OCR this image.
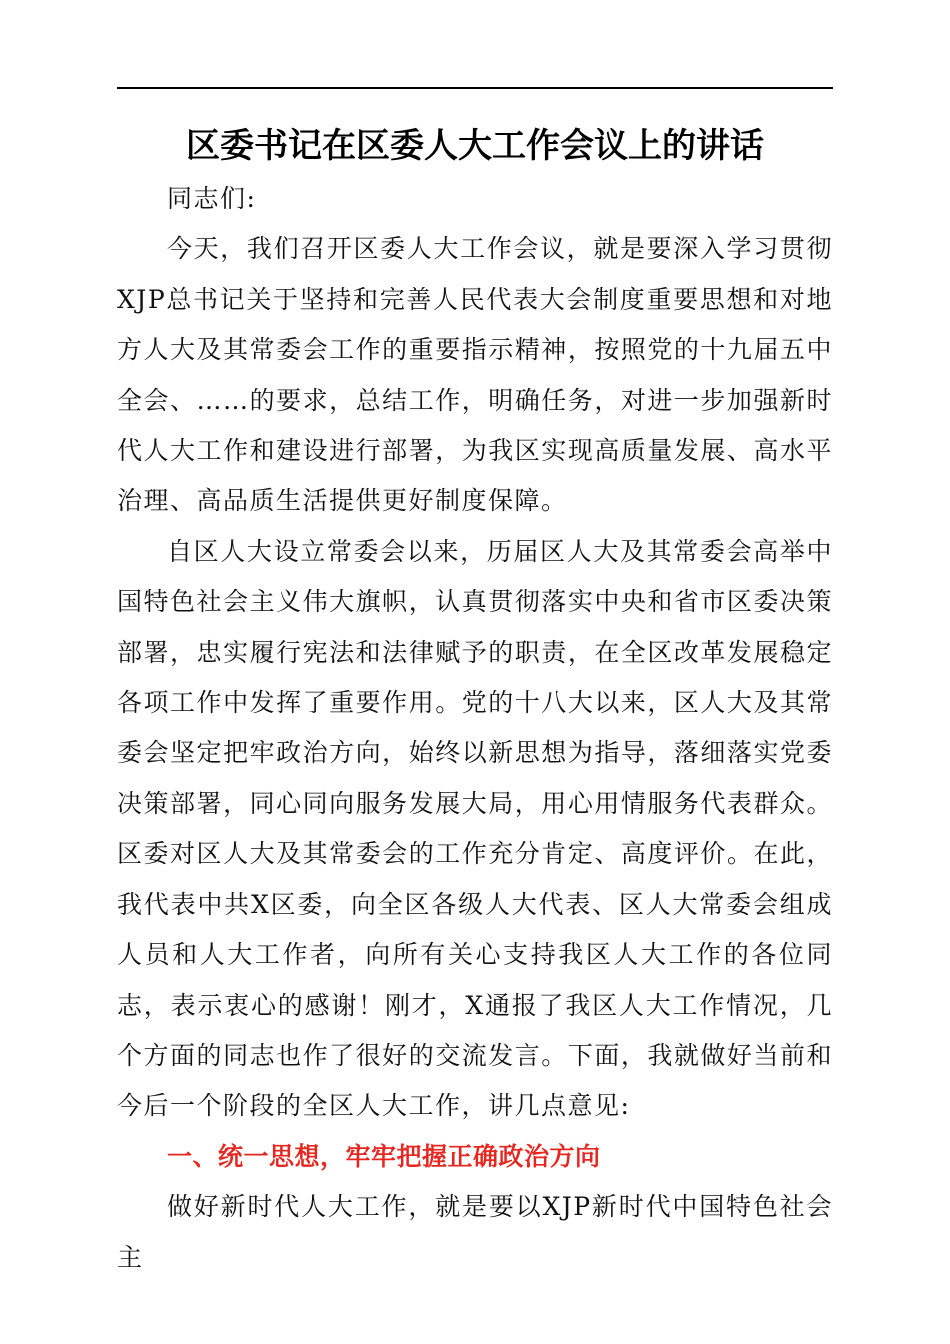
区委书记在区委人大工作会议上的讲话

同志们:

今天，我们召开区委人大工作会议，就是要深入学习贯彻XJP总书记关于坚持和完善人民代表大会制度重要思想和对地方人大及其常委会工作的重要指示精神，按照党的十九届五中全会、……的要求，总结工作，明确任务，对进一步加强新时代人大工作和建设进行部署，为我区实现高质量发展、高水平治理、高品质生活提供更好制度保障。

自区人大设立常委会以来，历届区人大及其常委会高举中国特色社会主义伟大旗帜，认真贯彻落实中央和省市区委决策部署，忠实履行宪法和法律赋予的职责，在全区改革发展稳定各项工作中发挥了重要作用。党的十八大以来，区人大及其常委会坚定把牢政治方向，始终以新思想为指导，落细落实党委决策部署，同心同向服务发展大局，用心用情服务代表群众。区委对区人大及其常委会的工作充分肯定、高度评价。在此，我代表中共X区委，向全区各级人大代表、区人大常委会组成人员和人大工作者，向所有关心支持我区人大工作的各位同志，表示衷心的感谢！刚才，X通报了我区人大工作情况，几个方面的同志也作了很好的交流发言。下面，我就做好当前和今后一个阶段的全区人大工作，讲几点意见:

一、统一思想，牢牢把握正确政治方向

做好新时代人大工作，就是要以XJP新时代中国特色社会主
